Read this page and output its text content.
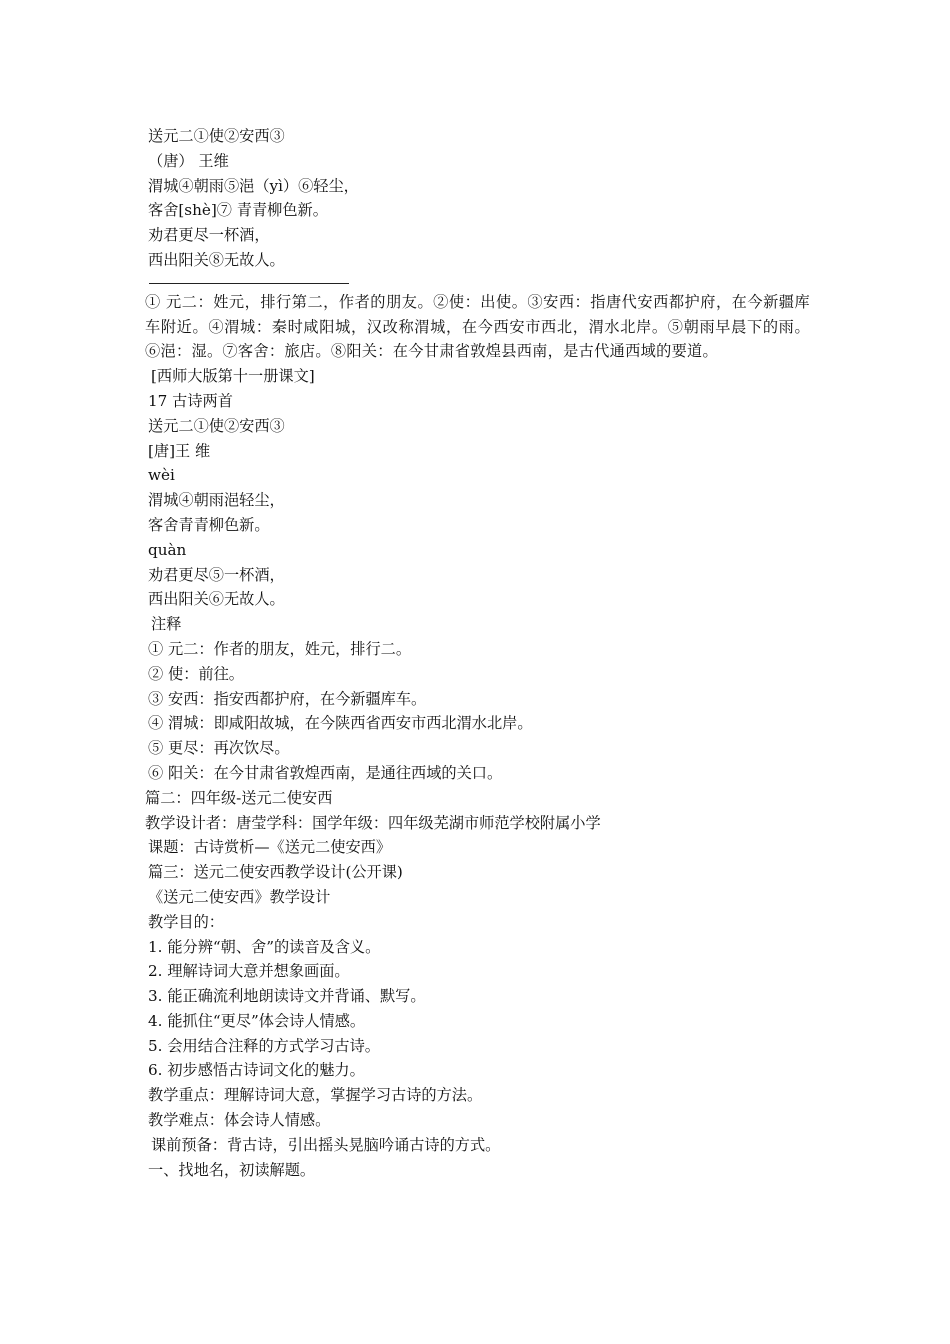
送元二①使②安西③
（唐） 王维
渭城④朝雨⑤浥（yì）⑥轻尘，
客舍[shè]⑦ 青青柳色新。
劝君更尽一杯酒，
西出阳关⑧无故人。

① 元二：姓元，排行第二，作者的朋友。②使：出使。③安西：指唐代安西都护府，在今新疆库车附近。④渭城：秦时咸阳城，汉改称渭城，在今西安市西北，渭水北岸。⑤朝雨早晨下的雨。⑥浥：湿。⑦客舍：旅店。⑧阳关：在今甘肃省敦煌县西南，是古代通西域的要道。

[西师大版第十一册课文]
17 古诗两首
送元二①使②安西③
[唐]王 维
wèi
渭城④朝雨浥轻尘，
客舍青青柳色新。
quàn
劝君更尽⑤一杯酒，
西出阳关⑥无故人。
注释
① 元二：作者的朋友，姓元，排行二。
② 使：前往。
③ 安西：指安西都护府，在今新疆库车。
④ 渭城：即咸阳故城，在今陕西省西安市西北渭水北岸。
⑤ 更尽：再次饮尽。
⑥ 阳关：在今甘肃省敦煌西南，是通往西域的关口。
篇二：四年级-送元二使安西
教学设计者：唐莹学科：国学年级：四年级芜湖市师范学校附属小学
课题：古诗赏析—《送元二使安西》
篇三：送元二使安西教学设计(公开课)
《送元二使安西》教学设计
教学目的：
1. 能分辨“朝、舍”的读音及含义。
2. 理解诗词大意并想象画面。
3. 能正确流利地朗读诗文并背诵、默写。
4. 能抓住“更尽”体会诗人情感。
5. 会用结合注释的方式学习古诗。
6. 初步感悟古诗词文化的魅力。
教学重点：理解诗词大意，掌握学习古诗的方法。
教学难点：体会诗人情感。
课前预备：背古诗，引出摇头晃脑吟诵古诗的方式。
一、找地名，初读解题。
